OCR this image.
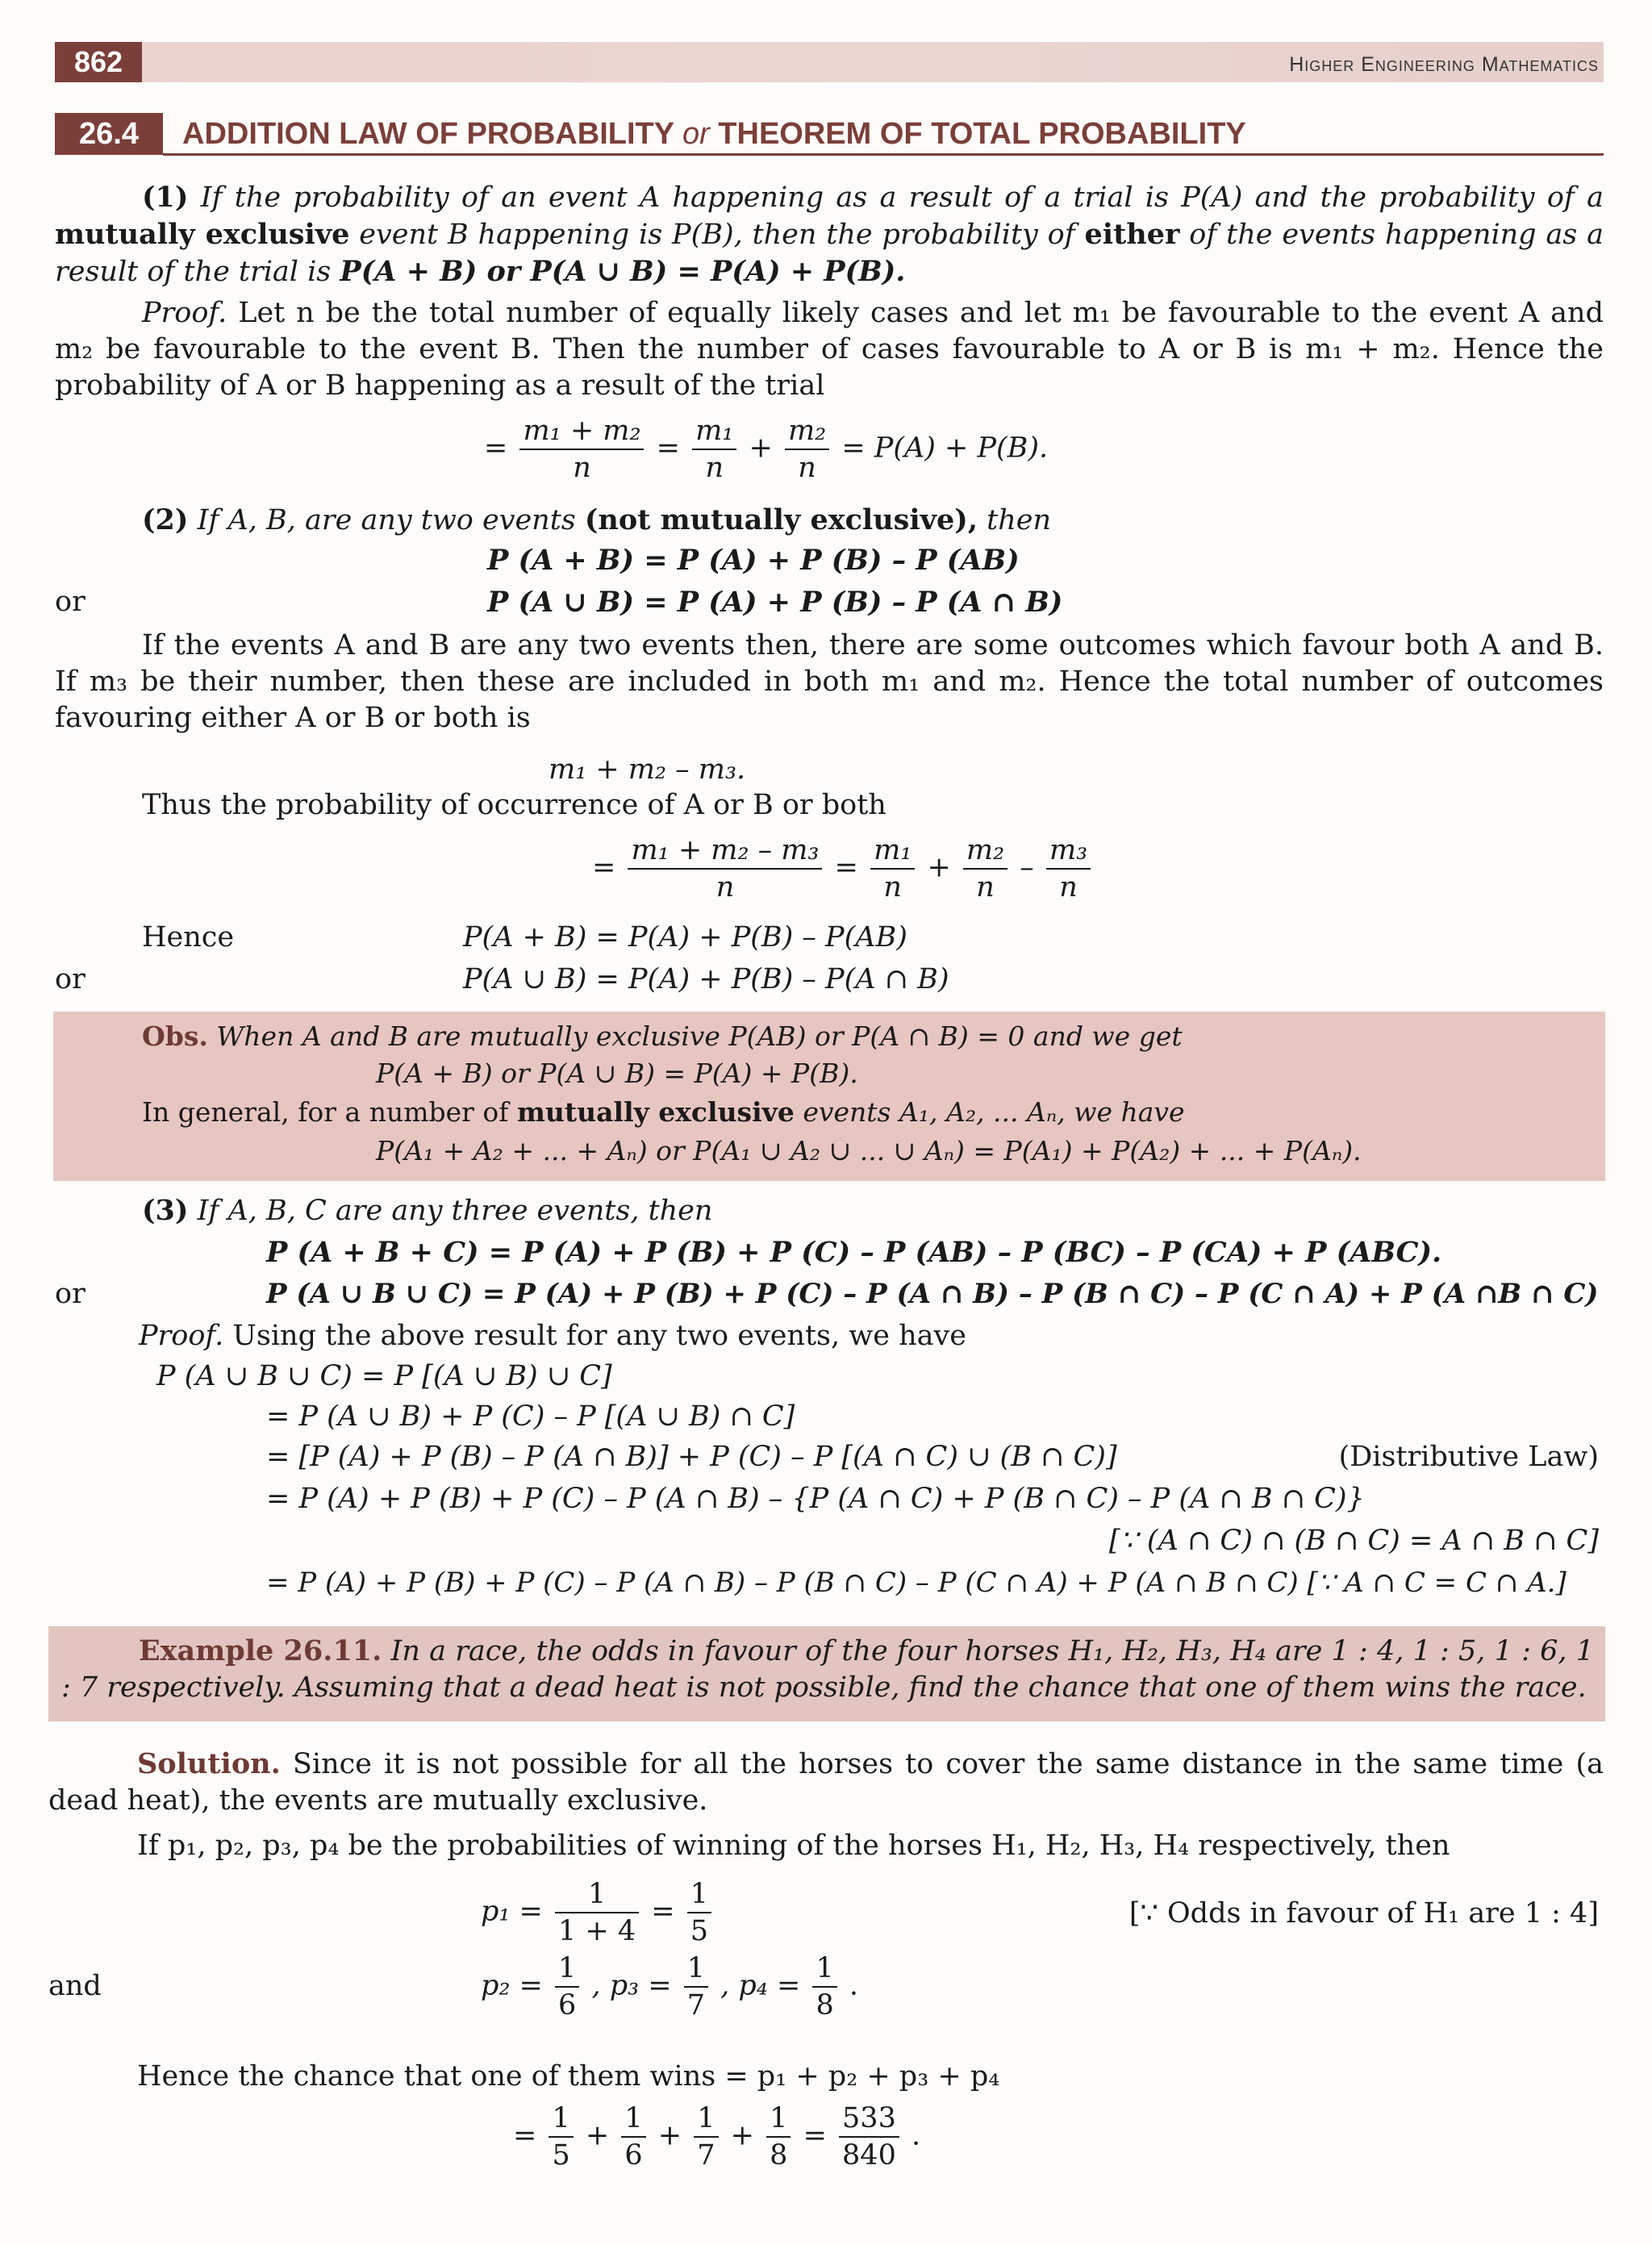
862	Higher Engineering Mathematics
26.4	ADDITION LAW OF PROBABILITY or THEOREM OF TOTAL PROBABILITY
(1) If the probability of an event A happening as a result of a trial is P(A) and the probability of a mutually exclusive event B happening is P(B), then the probability of either of the events happening as a result of the trial is P(A + B) or P(A ∪ B) = P(A) + P(B).
Proof. Let n be the total number of equally likely cases and let m₁ be favourable to the event A and m₂ be favourable to the event B. Then the number of cases favourable to A or B is m₁ + m₂. Hence the probability of A or B happening as a result of the trial
= $\frac{\text{m₁ + m₂}}{n} = \frac{\text{m₁}}{n} + \frac{\text{m₂}}{n} = P(A) + P(B)$.
(2) If A, B, are any two events (not mutually exclusive), then
P (A + B) = P (A) + P (B) – P (AB)
or	P (A ∪ B) = P (A) + P (B) – P (A ∩ B)
If the events A and B are any two events then, there are some outcomes which favour both A and B. If m₃ be their number, then these are included in both m₁ and m₂. Hence the total number of outcomes favouring either A or B or both is
m₁ + m₂ – m₃.
Thus the probability of occurrence of A or B or both
= $\frac{\text{m₁ + m₂ – m₃}}{n} = \frac{\text{m₁}}{n} + \frac{\text{m₂}}{n} - \frac{\text{m₃}}{n}$
Hence	P(A + B) = P(A) + P(B) – P(AB)
or	P(A ∪ B) = P(A) + P(B) – P(A ∩ B)
Obs. When A and B are mutually exclusive P(AB) or P(A ∩ B) = 0 and we get
P(A + B) or P(A ∪ B) = P(A) + P(B).
In general, for a number of mutually exclusive events A₁, A₂, ... Aₙ, we have
P(A₁ + A₂ + ... + Aₙ) or P(A₁ ∪ A₂ ∪ ... ∪ Aₙ) = P(A₁) + P(A₂) + ... + P(Aₙ).
(3) If A, B, C are any three events, then
P (A + B + C) = P (A) + P (B) + P (C) – P (AB) – P (BC) – P (CA) + P (ABC).
or	P (A ∪ B ∪ C) = P (A) + P (B) + P (C) – P (A ∩ B) – P (B ∩ C) – P (C ∩ A) + P (A ∩B ∩ C)
Proof. Using the above result for any two events, we have
P (A ∪ B ∪ C) = P [(A ∪ B) ∪ C]
= P (A ∪ B) + P (C) – P [(A ∪ B) ∩ C]
= [P (A) + P (B) – P (A ∩ B)] + P (C) – P [(A ∩ C) ∪ (B ∩ C)]	(Distributive Law)
= P (A) + P (B) + P (C) – P (A ∩ B) – {P (A ∩ C) + P (B ∩ C) – P (A ∩ B ∩ C)}
[∵ (A ∩ C) ∩ (B ∩ C) = A ∩ B ∩ C]
= P (A) + P (B) + P (C) – P (A ∩ B) – P (B ∩ C) – P (C ∩ A) + P (A ∩ B ∩ C) [∵ A ∩ C = C ∩ A.]
Example 26.11. In a race, the odds in favour of the four horses H₁, H₂, H₃, H₄ are 1 : 4, 1 : 5, 1 : 6, 1 : 7 respectively. Assuming that a dead heat is not possible, find the chance that one of them wins the race.
Solution. Since it is not possible for all the horses to cover the same distance in the same time (a dead heat), the events are mutually exclusive.
If p₁, p₂, p₃, p₄ be the probabilities of winning of the horses H₁, H₂, H₃, H₄ respectively, then
$p_1 = \frac{1}{1 + 4} = \frac{1}{5}$	[∵ Odds in favour of H₁ are 1 : 4]
and	$p_2 = \frac{1}{6}$ , $p_3 = \frac{1}{7}$ , $p_4 = \frac{1}{8}$ .
Hence the chance that one of them wins = p₁ + p₂ + p₃ + p₄
= $\frac{1}{5} + \frac{1}{6} + \frac{1}{7} + \frac{1}{8} = \frac{533}{840}$ .
